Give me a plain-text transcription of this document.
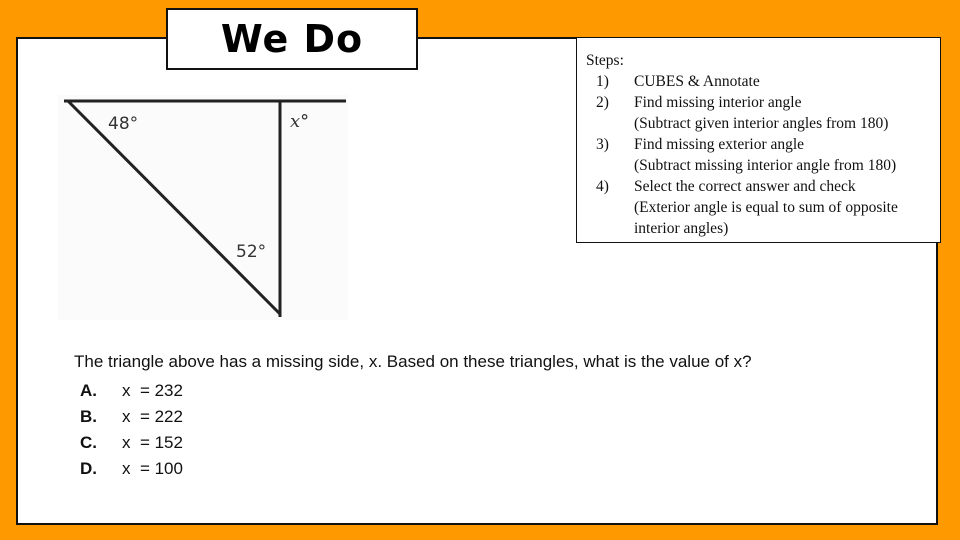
We Do
48°
52°
x°
Steps:
1)	CUBES & Annotate
2)	Find missing interior angle
(Subtract given interior angles from 180)
3)	Find missing exterior angle
(Subtract missing interior angle from 180)
4)	Select the correct answer and check
(Exterior angle is equal to sum of opposite interior angles)
The triangle above has a missing side, x. Based on these triangles, what is the value of x?
A.	x  = 232
B.	x  = 222
C.	x  = 152
D.	x  = 100
